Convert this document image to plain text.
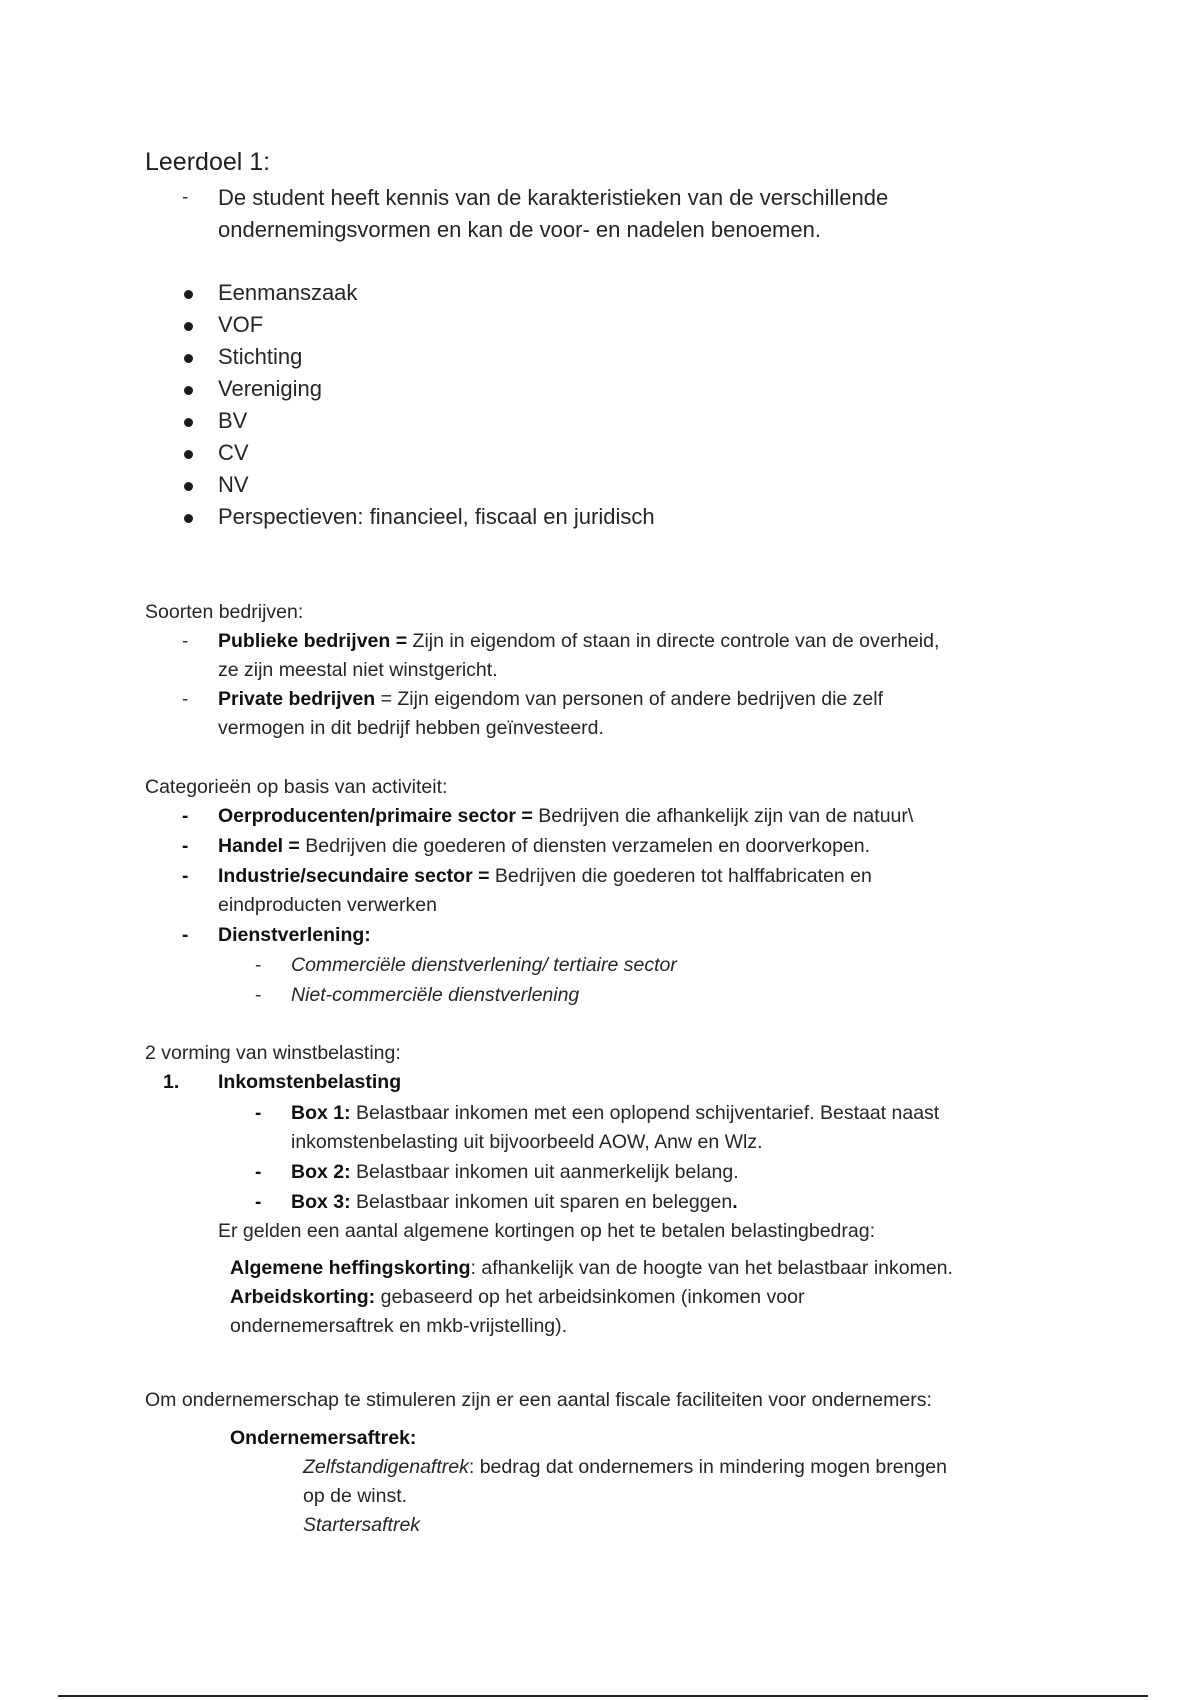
Leerdoel 1:
- De student heeft kennis van de karakteristieken van de verschillende
ondernemingsvormen en kan de voor- en nadelen benoemen.
Eenmanszaak
VOF
Stichting
Vereniging
BV
CV
NV
Perspectieven: financieel, fiscaal en juridisch
Soorten bedrijven:
- Publieke bedrijven = Zijn in eigendom of staan in directe controle van de overheid,
ze zijn meestal niet winstgericht.
- Private bedrijven = Zijn eigendom van personen of andere bedrijven die zelf
vermogen in dit bedrijf hebben geïnvesteerd.
Categorieën op basis van activiteit:
- Oerproducenten/primaire sector = Bedrijven die afhankelijk zijn van de natuur\
- Handel = Bedrijven die goederen of diensten verzamelen en doorverkopen.
- Industrie/secundaire sector = Bedrijven die goederen tot halffabricaten en
eindproducten verwerken
- Dienstverlening:
- Commerciële dienstverlening/ tertiaire sector
- Niet-commerciële dienstverlening
2 vorming van winstbelasting:
1. Inkomstenbelasting
- Box 1: Belastbaar inkomen met een oplopend schijventarief. Bestaat naast
inkomstenbelasting uit bijvoorbeeld AOW, Anw en Wlz.
- Box 2: Belastbaar inkomen uit aanmerkelijk belang.
- Box 3: Belastbaar inkomen uit sparen en beleggen.
Er gelden een aantal algemene kortingen op het te betalen belastingbedrag:
Algemene heffingskorting: afhankelijk van de hoogte van het belastbaar inkomen.
Arbeidskorting: gebaseerd op het arbeidsinkomen (inkomen voor
ondernemersaftrek en mkb-vrijstelling).
Om ondernemerschap te stimuleren zijn er een aantal fiscale faciliteiten voor ondernemers:
Ondernemersaftrek:
Zelfstandigenaftrek: bedrag dat ondernemers in mindering mogen brengen
op de winst.
Startersaftrek
